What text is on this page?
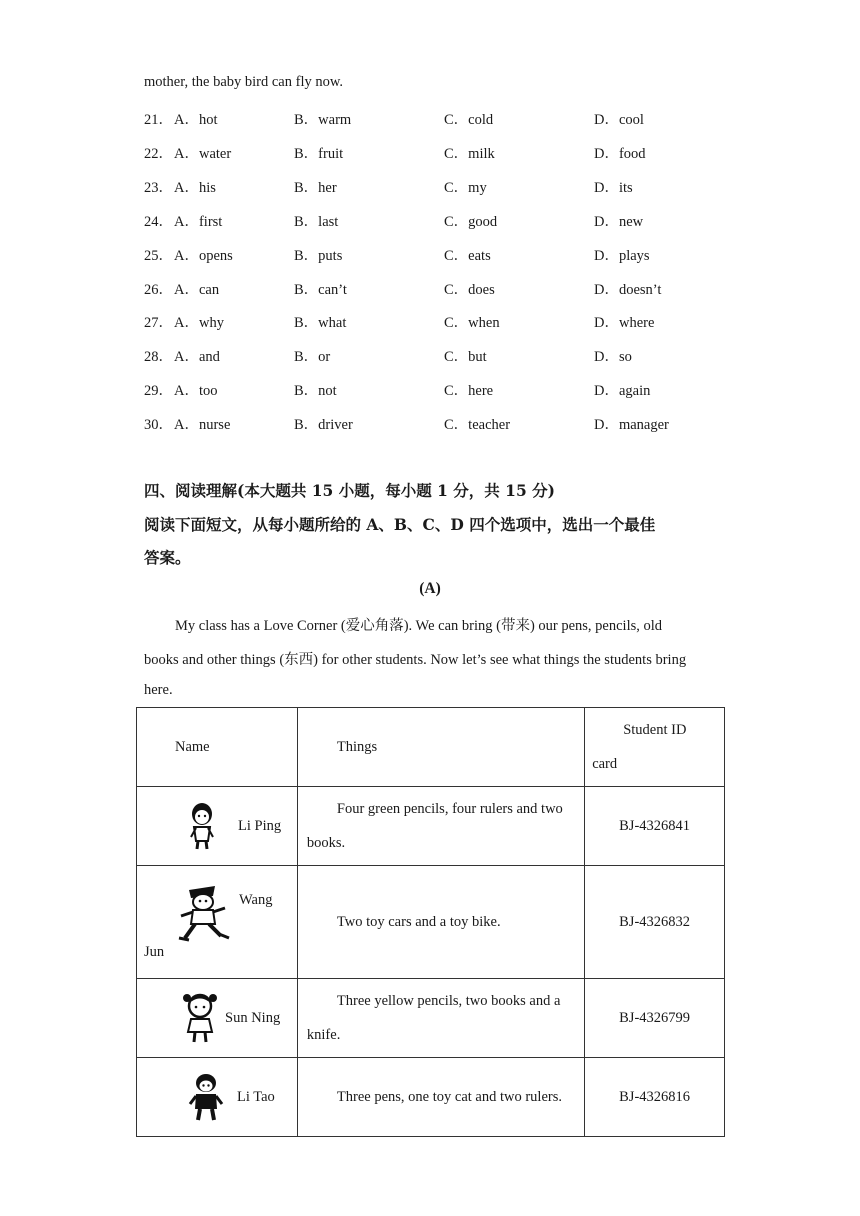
mother, the baby bird can fly now.
21． A．hot	B．warm	C．cold	D．cool
22． A．water	B．fruit	C．milk	D．food
23． A．his	B．her	C．my	D．its
24． A．first	B．last	C．good	D．new
25． A．opens	B．puts	C．eats	D．plays
26． A．can	B．can’t	C．does	D．doesn’t
27． A．why	B．what	C．when	D．where
28． A．and	B．or	C．but	D．so
29． A．too	B．not	C．here	D．again
30． A．nurse	B．driver	C．teacher	D．manager
四、阅读理解(本大题共 15 小题，每小题 1 分，共 15 分)
阅读下面短文，从每小题所给的 A、B、C、D 四个选项中，选出一个最佳
答案。
(A)
My class has a Love Corner (爱心角落). We can bring (带来) our pens, pencils, old
books and other things (东西) for other students. Now let’s see what things the students bring
here.
Name	Things	Student ID
card

Li Ping	Four green pencils, four rulers and two
books.	BJ-4326841

Wang
Jun	Two toy cars and a toy bike.	BJ-4326832

Sun Ning	Three yellow pencils, two books and a
knife.	BJ-4326799

Li Tao	Three pens, one toy cat and two rulers.	BJ-4326816
